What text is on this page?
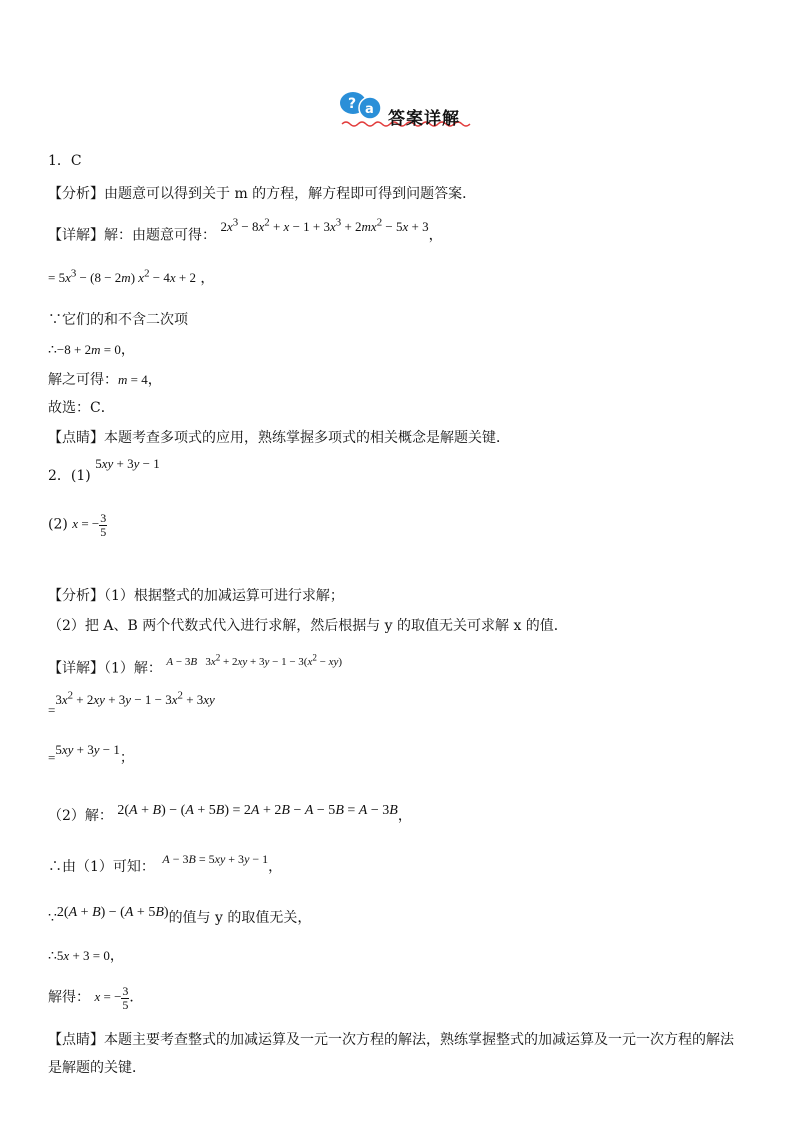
? a 答案详解
1．C
【分析】由题意可以得到关于 m 的方程，解方程即可得到问题答案．
【详解】解：由题意可得： $2x^3 - 8x^2 + x - 1 + 3x^3 + 2mx^2 - 5x + 3$，
= $5x^3 - (8 - 2m) x^2 - 4x + 2$ ，
∵它们的和不含二次项
∴−8 + 2m = 0，
解之可得：m = 4，
故选：C．
【点睛】本题考查多项式的应用，熟练掌握多项式的相关概念是解题关键．
2．(1) 5xy + 3y − 1
(2) x = − $\frac{3}{5}$
【分析】（1）根据整式的加减运算可进行求解；
（2）把 A、B 两个代数式代入进行求解，然后根据与 y 的取值无关可求解 x 的值．
【详解】（1）解： $^{A - 3B 3x^2 + 2xy + 3y - 1 - 3(x^2 - xy)}$
$=3x^2 + 2xy + 3y - 1 - 3x^2 + 3xy$
=5xy + 3y − 1；
（2）解： 2(A + B) − (A + 5B) = 2A + 2B − A − 5B = A − 3B，
∴由（1）可知： A − 3B = 5xy + 3y − 1，
∵2(A + B) − (A + 5B)的值与 y 的取值无关，
∴5x + 3 = 0，
解得： x = − $\frac{3}{5}$ ．
【点睛】本题主要考查整式的加减运算及一元一次方程的解法，熟练掌握整式的加减运算及一元一次方程的解法
是解题的关键．
